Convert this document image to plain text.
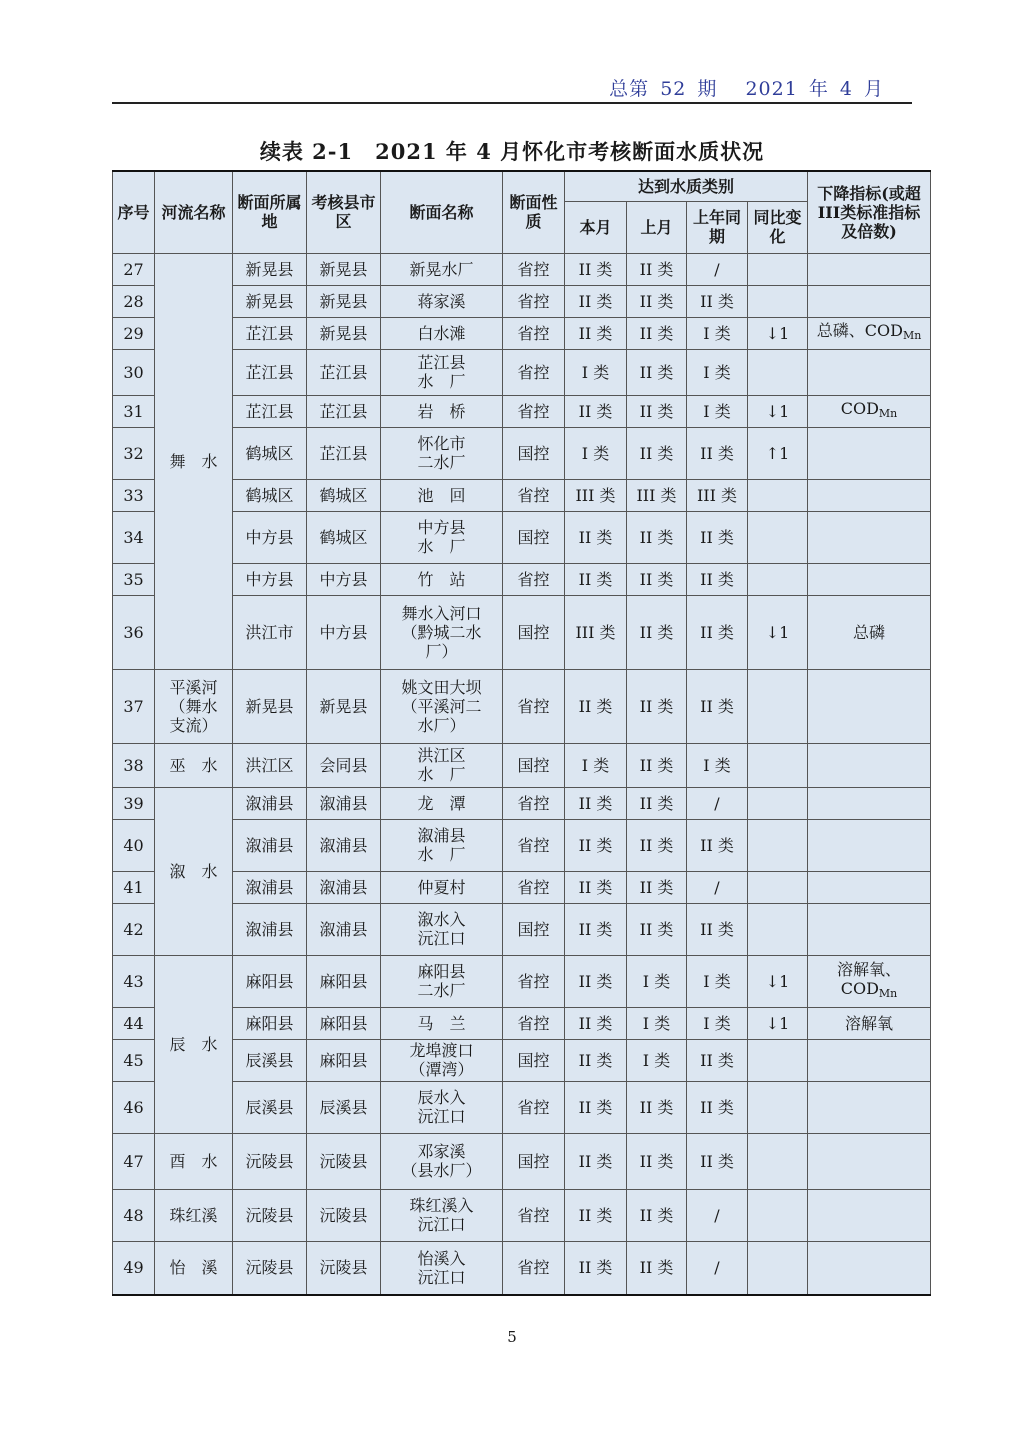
总第 52 期 2021 年 4 月
续表 2-1　2021 年 4 月怀化市考核断面水质状况
序号	河流名称	断面所属地	考核县市区	断面名称	断面性质	达到水质类别				下降指标(或超III类标准指标及倍数)
						本月	上月	上年同期	同比变化	
27	舞　水	新晃县	新晃县	新晃水厂	省控	II 类	II 类	/		
28		新晃县	新晃县	蒋家溪	省控	II 类	II 类	II 类		
29		芷江县	新晃县	白水滩	省控	II 类	II 类	I 类	↓1	总磷、$COD_{Mn}$
30		芷江县	芷江县	芷江县
水　厂	省控	I 类	II 类	I 类		
31		芷江县	芷江县	岩　桥	省控	II 类	II 类	I 类	↓1	$COD_{Mn}$
32		鹤城区	芷江县	怀化市
二水厂	国控	I 类	II 类	II 类	↑1	
33		鹤城区	鹤城区	池　回	省控	III 类	III 类	III 类		
34		中方县	鹤城区	中方县
水　厂	国控	II 类	II 类	II 类		
35		中方县	中方县	竹　站	省控	II 类	II 类	II 类		
36		洪江市	中方县	舞水入河口
（黔城二水
厂）	国控	III 类	II 类	II 类	↓1	总磷
37	平溪河
（舞水
支流）	新晃县	新晃县	姚文田大坝
（平溪河二
水厂）	省控	II 类	II 类	II 类		
38	巫　水	洪江区	会同县	洪江区
水　厂	国控	I 类	II 类	I 类		
39	溆　水	溆浦县	溆浦县	龙　潭	省控	II 类	II 类	/		
40		溆浦县	溆浦县	溆浦县
水　厂	省控	II 类	II 类	II 类		
41		溆浦县	溆浦县	仲夏村	省控	II 类	II 类	/		
42		溆浦县	溆浦县	溆水入
沅江口	国控	II 类	II 类	II 类		
43	辰　水	麻阳县	麻阳县	麻阳县
二水厂	省控	II 类	I 类	I 类	↓1	溶解氧、
$COD_{Mn}$
44		麻阳县	麻阳县	马　兰	省控	II 类	I 类	I 类	↓1	溶解氧
45		辰溪县	麻阳县	龙埠渡口
（潭湾）	国控	II 类	I 类	II 类		
46		辰溪县	辰溪县	辰水入
沅江口	省控	II 类	II 类	II 类		
47	酉　水	沅陵县	沅陵县	邓家溪
（县水厂）	国控	II 类	II 类	II 类		
48	珠红溪	沅陵县	沅陵县	珠红溪入
沅江口	省控	II 类	II 类	/		
49	怡　溪	沅陵县	沅陵县	怡溪入
沅江口	省控	II 类	II 类	/		
5
